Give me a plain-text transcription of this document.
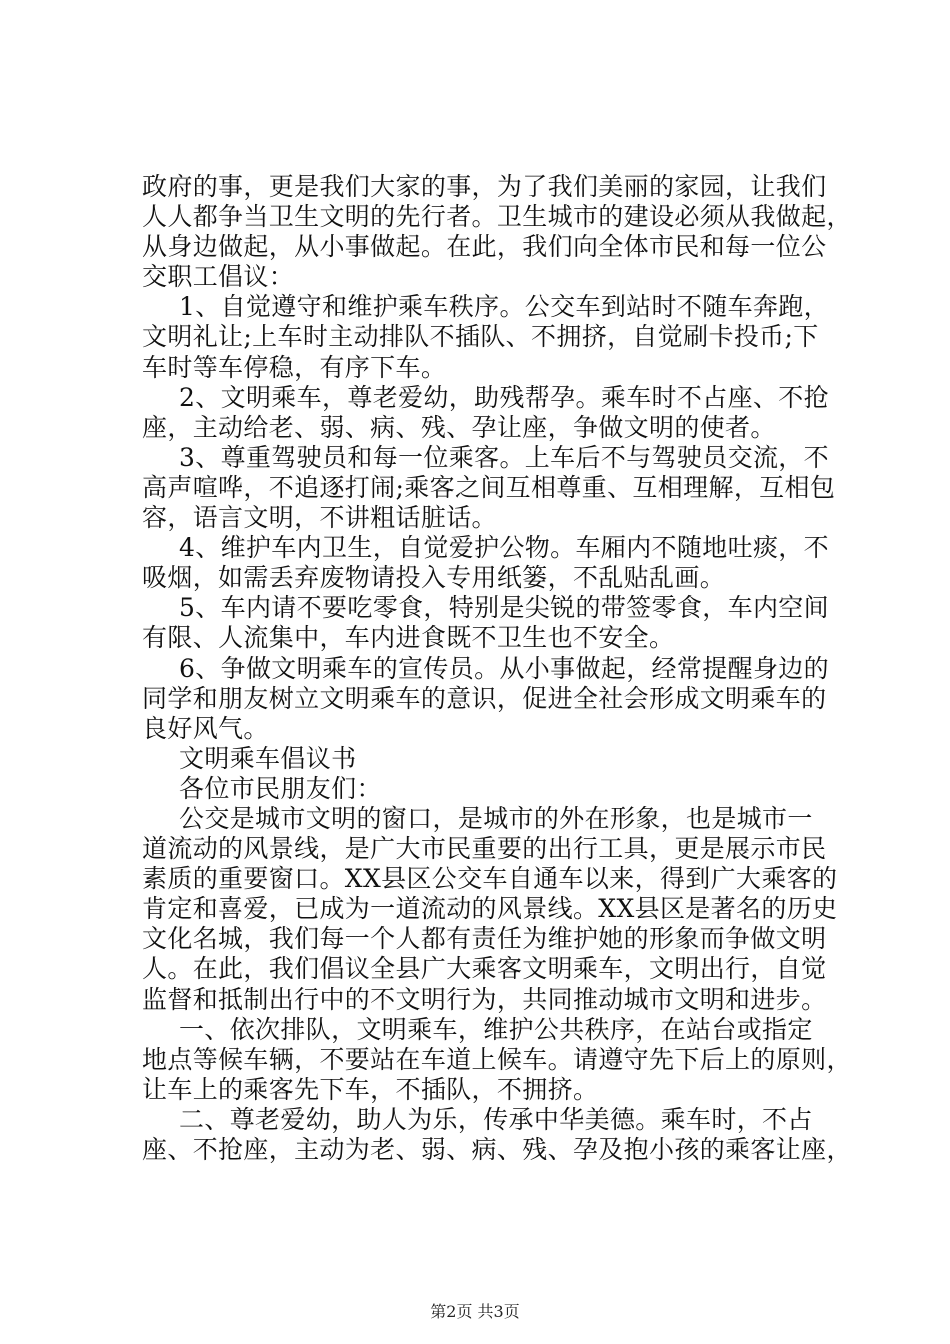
政府的事，更是我们大家的事，为了我们美丽的家园，让我们
人人都争当卫生文明的先行者。卫生城市的建设必须从我做起，
从身边做起，从小事做起。在此，我们向全体市民和每一位公
交职工倡议：
1、自觉遵守和维护乘车秩序。公交车到站时不随车奔跑，
文明礼让;上车时主动排队不插队、不拥挤，自觉刷卡投币;下
车时等车停稳，有序下车。
2、文明乘车，尊老爱幼，助残帮孕。乘车时不占座、不抢
座，主动给老、弱、病、残、孕让座，争做文明的使者。
3、尊重驾驶员和每一位乘客。上车后不与驾驶员交流，不
高声喧哗，不追逐打闹;乘客之间互相尊重、互相理解，互相包
容，语言文明，不讲粗话脏话。
4、维护车内卫生，自觉爱护公物。车厢内不随地吐痰，不
吸烟，如需丢弃废物请投入专用纸篓，不乱贴乱画。
5、车内请不要吃零食，特别是尖锐的带签零食，车内空间
有限、人流集中，车内进食既不卫生也不安全。
6、争做文明乘车的宣传员。从小事做起，经常提醒身边的
同学和朋友树立文明乘车的意识，促进全社会形成文明乘车的
良好风气。
文明乘车倡议书
各位市民朋友们：
公交是城市文明的窗口，是城市的外在形象，也是城市一
道流动的风景线，是广大市民重要的出行工具，更是展示市民
素质的重要窗口。XX县区公交车自通车以来，得到广大乘客的
肯定和喜爱，已成为一道流动的风景线。XX县区是著名的历史
文化名城，我们每一个人都有责任为维护她的形象而争做文明
人。在此，我们倡议全县广大乘客文明乘车，文明出行，自觉
监督和抵制出行中的不文明行为，共同推动城市文明和进步。
一、依次排队，文明乘车，维护公共秩序，在站台或指定
地点等候车辆，不要站在车道上候车。请遵守先下后上的原则，
让车上的乘客先下车，不插队，不拥挤。
二、尊老爱幼，助人为乐，传承中华美德。乘车时，不占
座、不抢座，主动为老、弱、病、残、孕及抱小孩的乘客让座，
第2页 共3页
